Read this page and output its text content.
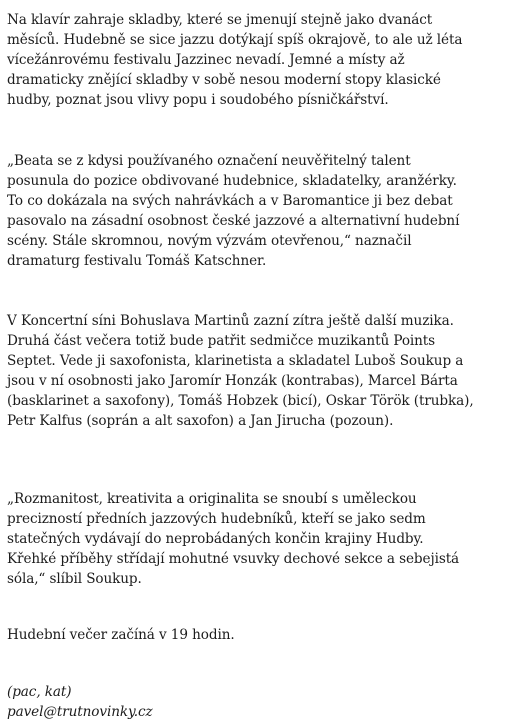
Na klavír zahraje skladby, které se jmenují stejně jako dvanáct
měsíců. Hudebně se sice jazzu dotýkají spíš okrajově, to ale už léta
vícežánrovému festivalu Jazzinec nevadí. Jemné a místy až
dramaticky znějící skladby v sobě nesou moderní stopy klasické
hudby, poznat jsou vlivy popu i soudobého písničkářství.

„Beata se z kdysi používaného označení neuvěřitelný talent
posunula do pozice obdivované hudebnice, skladatelky, aranžérky.
To co dokázala na svých nahrávkách a v Baromantice ji bez debat
pasovalo na zásadní osobnost české jazzové a alternativní hudební
scény. Stále skromnou, novým výzvám otevřenou,“ naznačil
dramaturg festivalu Tomáš Katschner.

V Koncertní síni Bohuslava Martinů zazní zítra ještě další muzika.
Druhá část večera totiž bude patřit sedmičce muzikantů Points
Septet. Vede ji saxofonista, klarinetista a skladatel Luboš Soukup a
jsou v ní osobnosti jako Jaromír Honzák (kontrabas), Marcel Bárta
(basklarinet a saxofony), Tomáš Hobzek (bicí), Oskar Török (trubka),
Petr Kalfus (soprán a alt saxofon) a Jan Jirucha (pozoun).

„Rozmanitost, kreativita a originalita se snoubí s uměleckou
precizností předních jazzových hudebníků, kteří se jako sedm
statečných vydávají do neprobádaných končin krajiny Hudby.
Křehké příběhy střídají mohutné vsuvky dechové sekce a sebejistá
sóla,“ slíbil Soukup.

Hudební večer začíná v 19 hodin.

(pac, kat)
pavel@trutnovinky.cz
